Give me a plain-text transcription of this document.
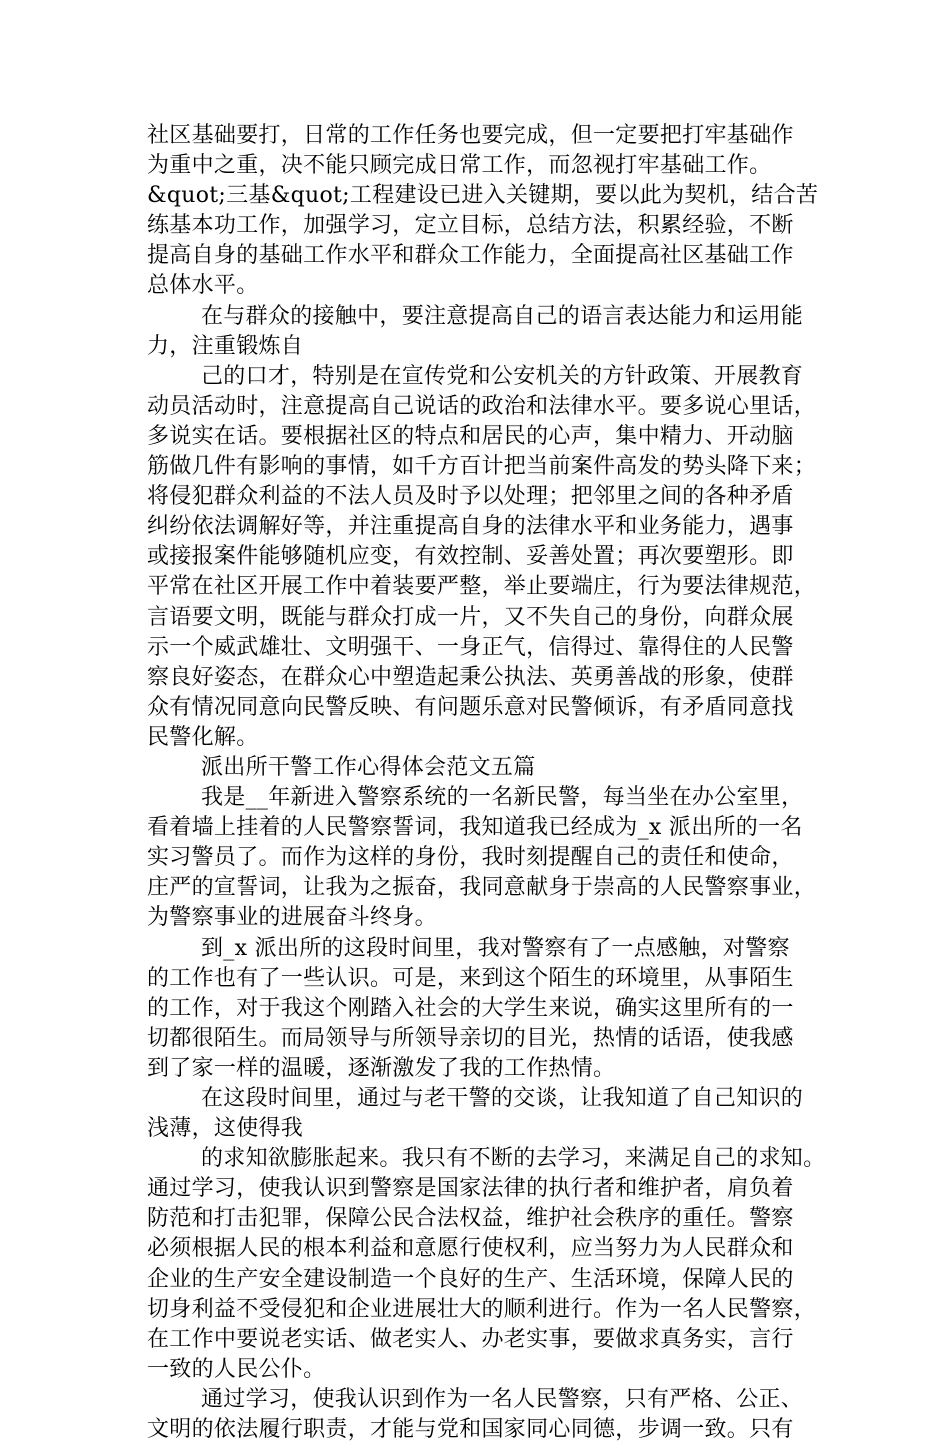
社区基础要打，日常的工作任务也要完成，但一定要把打牢基础作
为重中之重，决不能只顾完成日常工作，而忽视打牢基础工作。
&quot;三基&quot;工程建设已进入关键期，要以此为契机，结合苦
练基本功工作，加强学习，定立目标，总结方法，积累经验，不断
提高自身的基础工作水平和群众工作能力，全面提高社区基础工作
总体水平。
在与群众的接触中，要注意提高自己的语言表达能力和运用能
力，注重锻炼自
己的口才，特别是在宣传党和公安机关的方针政策、开展教育
动员活动时，注意提高自己说话的政治和法律水平。要多说心里话，
多说实在话。要根据社区的特点和居民的心声，集中精力、开动脑
筋做几件有影响的事情，如千方百计把当前案件高发的势头降下来；
将侵犯群众利益的不法人员及时予以处理；把邻里之间的各种矛盾
纠纷依法调解好等，并注重提高自身的法律水平和业务能力，遇事
或接报案件能够随机应变，有效控制、妥善处置；再次要塑形。即
平常在社区开展工作中着装要严整，举止要端庄，行为要法律规范，
言语要文明，既能与群众打成一片，又不失自己的身份，向群众展
示一个威武雄壮、文明强干、一身正气，信得过、靠得住的人民警
察良好姿态，在群众心中塑造起秉公执法、英勇善战的形象，使群
众有情况同意向民警反映、有问题乐意对民警倾诉，有矛盾同意找
民警化解。
派出所干警工作心得体会范文五篇
我是__年新进入警察系统的一名新民警，每当坐在办公室里，
看着墙上挂着的人民警察誓词，我知道我已经成为_x 派出所的一名
实习警员了。而作为这样的身份，我时刻提醒自己的责任和使命，
庄严的宣誓词，让我为之振奋，我同意献身于崇高的人民警察事业，
为警察事业的进展奋斗终身。
到_x 派出所的这段时间里，我对警察有了一点感触，对警察
的工作也有了一些认识。可是，来到这个陌生的环境里，从事陌生
的工作，对于我这个刚踏入社会的大学生来说，确实这里所有的一
切都很陌生。而局领导与所领导亲切的目光，热情的话语，使我感
到了家一样的温暖，逐渐激发了我的工作热情。
在这段时间里，通过与老干警的交谈，让我知道了自己知识的
浅薄，这使得我
的求知欲膨胀起来。我只有不断的去学习，来满足自己的求知。
通过学习，使我认识到警察是国家法律的执行者和维护者，肩负着
防范和打击犯罪，保障公民合法权益，维护社会秩序的重任。警察
必须根据人民的根本利益和意愿行使权利，应当努力为人民群众和
企业的生产安全建设制造一个良好的生产、生活环境，保障人民的
切身利益不受侵犯和企业进展壮大的顺利进行。作为一名人民警察，
在工作中要说老实话、做老实人、办老实事，要做求真务实，言行
一致的人民公仆。
通过学习，使我认识到作为一名人民警察，只有严格、公正、
文明的依法履行职责，才能与党和国家同心同德，步调一致。只有
